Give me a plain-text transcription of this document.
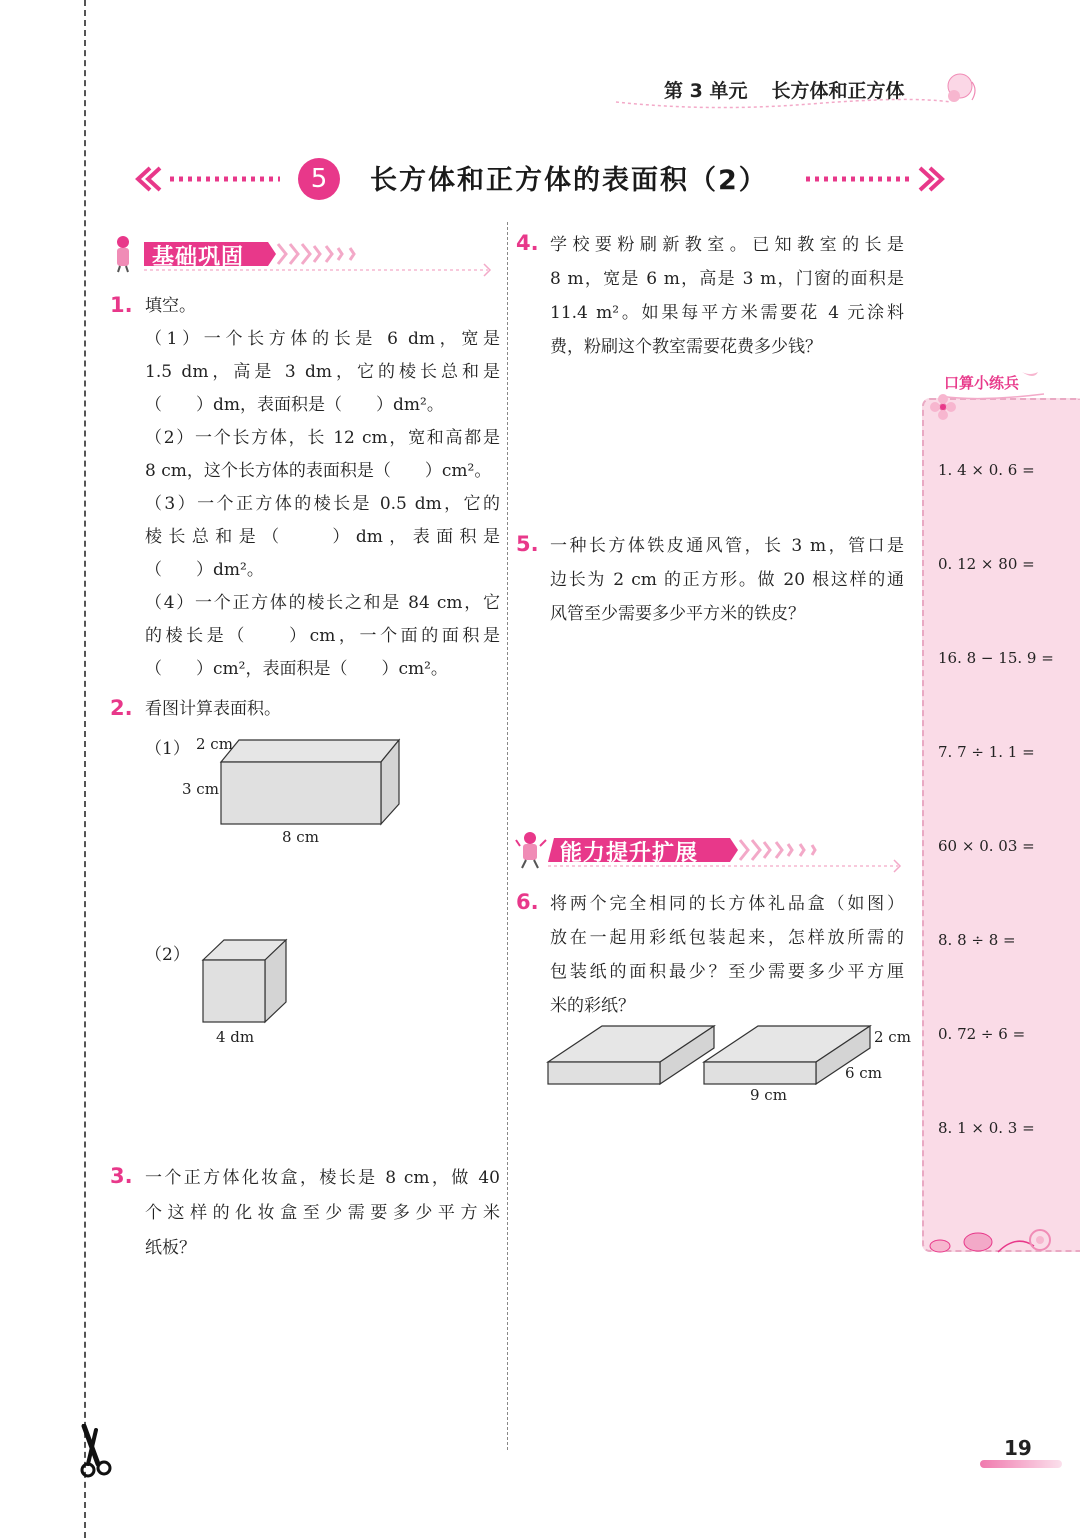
第 3 单元 长方体和正方体
5	长方体和正方体的表面积（2）
基础巩固
1. 填空。
（1）一个长方体的长是 6 dm，宽是
1.5 dm，高是 3 dm，它的棱长总和是
（　　）dm，表面积是（　　）dm²。
（2）一个长方体，长 12 cm，宽和高都是
8 cm，这个长方体的表面积是（　　）cm²。
（3）一个正方体的棱长是 0.5 dm，它的
棱长总和是（　　）dm，表面积是
（　　）dm²。
（4）一个正方体的棱长之和是 84 cm，它
的棱长是（　　）cm，一个面的面积是
（　　）cm²，表面积是（　　）cm²。
2. 看图计算表面积。
（1） 2 cm
3 cm
8 cm
（2）
4 dm
3. 一个正方体化妆盒，棱长是 8 cm，做 40
个这样的化妆盒至少需要多少平方米
纸板？
4. 学校要粉刷新教室。已知教室的长是
8 m，宽是 6 m，高是 3 m，门窗的面积是
11.4 m²。如果每平方米需要花 4 元涂料
费，粉刷这个教室需要花费多少钱？
5. 一种长方体铁皮通风管，长 3 m，管口是
边长为 2 cm 的正方形。做 20 根这样的通
风管至少需要多少平方米的铁皮？
能力提升扩展
6. 将两个完全相同的长方体礼品盒（如图）
放在一起用彩纸包装起来，怎样放所需的
包装纸的面积最少？至少需要多少平方厘
米的彩纸？
2 cm
6 cm
9 cm
口算小练兵
1. 4 × 0. 6 =
0. 12 × 80 =
16. 8 − 15. 9 =
7. 7 ÷ 1. 1 =
60 × 0. 03 =
8. 8 ÷ 8 =
0. 72 ÷ 6 =
8. 1 × 0. 3 =
19
